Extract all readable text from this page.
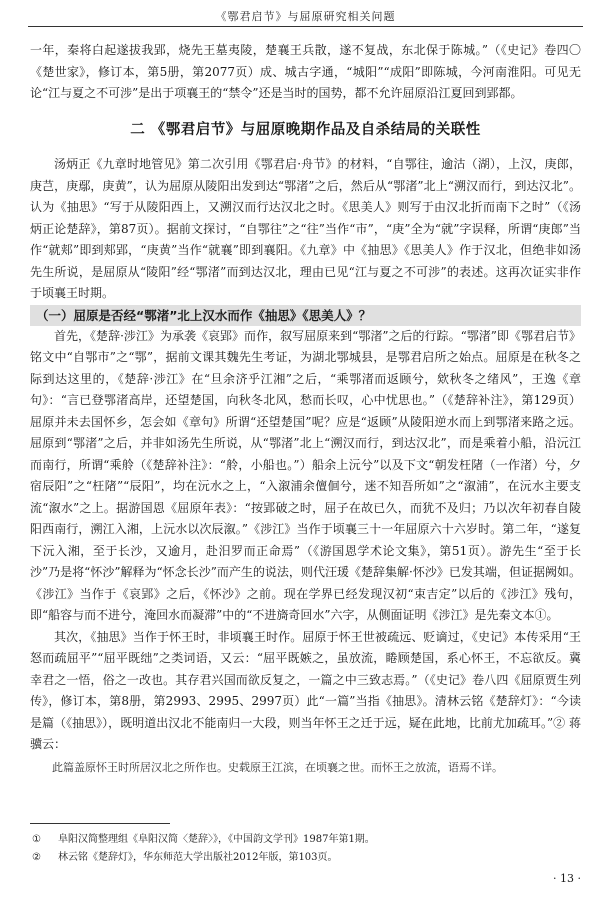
《鄂君启节》与屈原研究相关问题

一年，秦将白起遂拔我郢，烧先王墓夷陵，楚襄王兵散，遂不复战，东北保于陈城。”（《史记》卷四〇《楚世家》，修订本，第5册，第2077页）成、城古字通，“城阳”“成阳”即陈城，今河南淮阳。可见无论“江与夏之不可涉”是出于项襄王的“禁令”还是当时的国势，都不允许屈原沿江夏回到郢都。

二 《鄂君启节》与屈原晚期作品及自杀结局的关联性

汤炳正《九章时地管见》第二次引用《鄂君启·舟节》的材料，“自鄂往，逾沽（湖），上汉，庚郎，庚芑，庚鄢，庚黄”，认为屈原从陵阳出发到达“鄂渚”之后，然后从“鄂渚”北上“溯汉而行，到达汉北”。认为《抽思》“写于从陵阳西上，又溯汉而行达汉北之时。《思美人》则写于由汉北折而南下之时”（《汤炳正论楚辞》，第87页）。据前文探讨，“自鄂往”之“往”当作“市”，“庚”全为“就”字误释，所谓“庚郎”当作“就郏”即到郏郢，“庚黄”当作“就襄”即到襄阳。《九章》中《抽思》《思美人》作于汉北，但绝非如汤先生所说，是屈原从“陵阳”经“鄂渚”而到达汉北，理由已见“江与夏之不可涉”的表述。这再次证实非作于顷襄王时期。

（一）屈原是否经“鄂渚”北上汉水而作《抽思》《思美人》？

首先，《楚辞·涉江》为承袭《哀郢》而作，叙写屈原来到“鄂渚”之后的行踪。“鄂渚”即《鄂君启节》铭文中“自鄂市”之“鄂”，据前文课其魏先生考证，为湖北鄂城县，是鄂君启所之始点。屈原是在秋冬之际到达这里的，《楚辞·涉江》在“旦余济乎江湘”之后，“乘鄂渚而返顾兮，欸秋冬之绪风”，王逸《章句》：“言已登鄂渚高岸，还望楚国，向秋冬北风，愁而长叹，心中忧思也。”（《楚辞补注》，第129页）屈原并未去国怀乡，怎会如《章句》所谓“还望楚国”呢？应是“返顾”从陵阳逆水而上到鄂渚来路之远。屈原到“鄂渚”之后，并非如汤先生所说，从“鄂渚”北上“溯汉而行，到达汉北”，而是乘着小船，沿沅江而南行，所谓“乘舲（《楚辞补注》：“舲，小船也。”）船余上沅兮”以及下文“朝发枉陼（一作渚）兮，夕宿辰阳”之“枉陼”“辰阳”，均在沅水之上，“入溆浦余儃佪兮，迷不知吾所如”之“溆浦”，在沅水主要支流“溆水”之上。据游国恩《屈原年表》：“按郢破之时，屈子在故已久，而犹不及归；乃以次年初春自陵阳西南行，溯江入湘，上沅水以次辰溆。”《涉江》当作于顷襄三十一年屈原六十六岁时。第二年，“遂复下沅入湘，至于长沙，又逾月，赴汨罗而正命焉”（《游国恩学术论文集》，第51页）。游先生“至于长沙”乃是将“怀沙”解释为“怀念长沙”而产生的说法，则代汪瑗《楚辞集解·怀沙》已发其端，但证据阙如。《涉江》当作于《哀郢》之后，《怀沙》之前。现在学界已经发现汉初“束吉定”以后的《涉江》残句，即“船容与而不进兮，淹回水而凝滞”中的“不进旖奇回水”六字，从侧面证明《涉江》是先秦文本①。

其次，《抽思》当作于怀王时，非顷襄王时作。屈原于怀王世被疏远、贬谪过，《史记》本传采用“王怒而疏屈平”“屈平既绌”之类词语，又云：“屈平既嫉之，虽放流，睠顾楚国，系心怀王，不忘欲反。冀幸君之一悟，俗之一改也。其存君兴国而欲反复之，一篇之中三致志焉。”（《史记》卷八四《屈原贾生列传》，修订本，第8册，第2993、2995、2997页）此“一篇”当指《抽思》。清林云铭《楚辞灯》：“今读是篇（《抽思》），既明道出汉北不能南归一大段，则当年怀王之迁于远，疑在此地，比前尤加疏耳。”② 蒋骥云：

此篇盖原怀王时所居汉北之所作也。史载原王江滨，在顷襄之世。而怀王之放流，语焉不详。

① 阜阳汉简整理组《阜阳汉简〈楚辞〉》，《中国韵文学刊》1987年第1期。
② 林云铭《楚辞灯》，华东师范大学出版社2012年版，第103页。
· 13 ·
